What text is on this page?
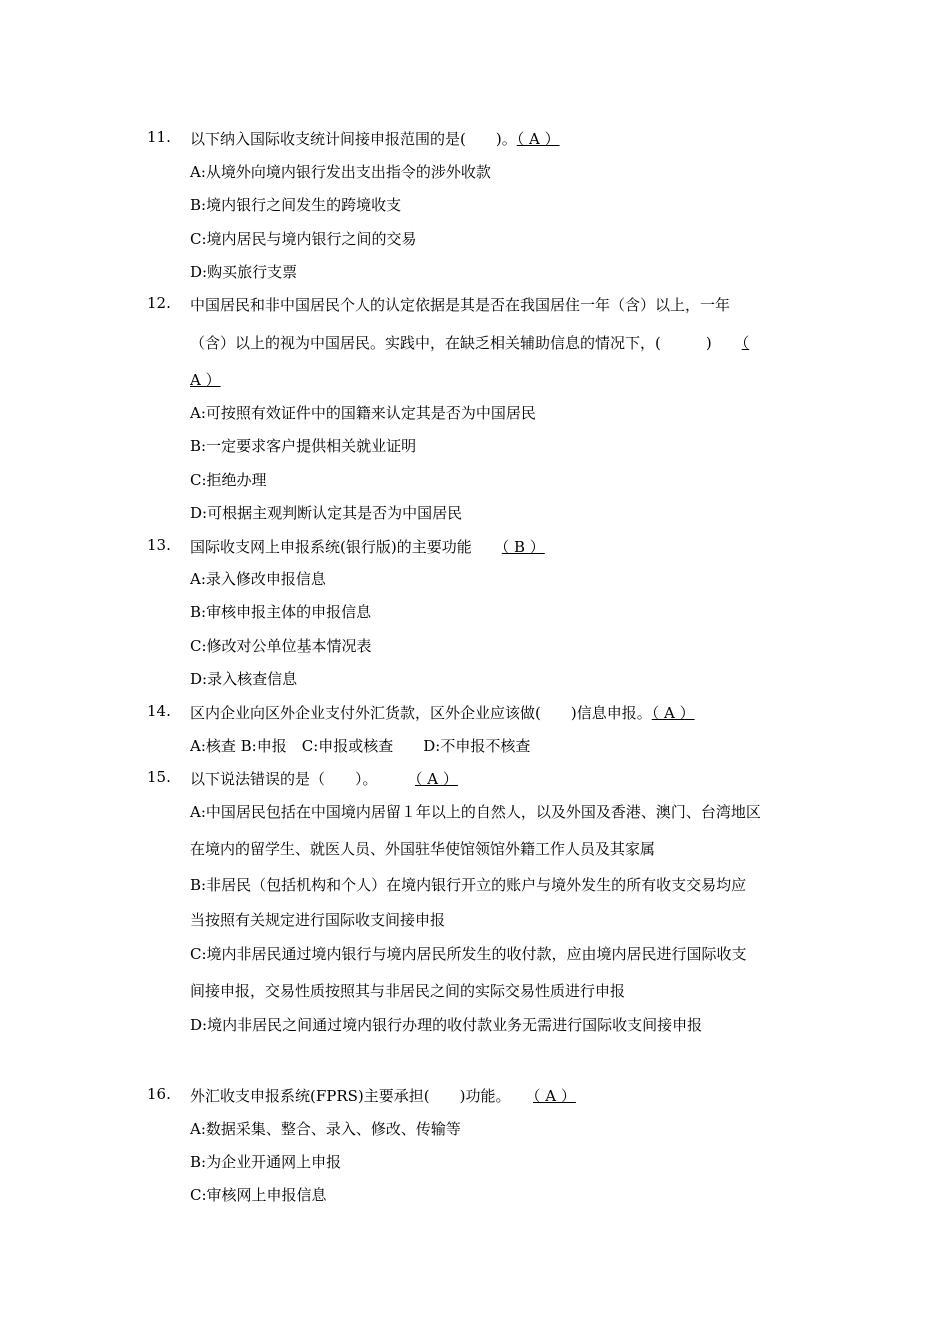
11. 以下纳入国际收支统计间接申报范围的是(　　)。（ A ）
A:从境外向境内银行发出支出指令的涉外收款
B:境内银行之间发生的跨境收支
C:境内居民与境内银行之间的交易
D:购买旅行支票
12. 中国居民和非中国居民个人的认定依据是其是否在我国居住一年（含）以上，一年
（含）以上的视为中国居民。实践中，在缺乏相关辅助信息的情况下，(　　　)　　（
A ）
A:可按照有效证件中的国籍来认定其是否为中国居民
B:一定要求客户提供相关就业证明
C:拒绝办理
D:可根据主观判断认定其是否为中国居民
13. 国际收支网上申报系统(银行版)的主要功能　　（ B ）
A:录入修改申报信息
B:审核申报主体的申报信息
C:修改对公单位基本情况表
D:录入核查信息
14. 区内企业向区外企业支付外汇货款，区外企业应该做(　　)信息申报。（ A ）
A:核查 B:申报　C:申报或核查　　D:不申报不核查
15. 以下说法错误的是（　　）。　　　（ A ）
A:中国居民包括在中国境内居留１年以上的自然人，以及外国及香港、澳门、台湾地区
在境内的留学生、就医人员、外国驻华使馆领馆外籍工作人员及其家属
B:非居民（包括机构和个人）在境内银行开立的账户与境外发生的所有收支交易均应
当按照有关规定进行国际收支间接申报
C:境内非居民通过境内银行与境内居民所发生的收付款，应由境内居民进行国际收支
间接申报，交易性质按照其与非居民之间的实际交易性质进行申报
D:境内非居民之间通过境内银行办理的收付款业务无需进行国际收支间接申报
16. 外汇收支申报系统(FPRS)主要承担(　　)功能。　　（ A ）
A:数据采集、整合、录入、修改、传输等
B:为企业开通网上申报
C:审核网上申报信息
